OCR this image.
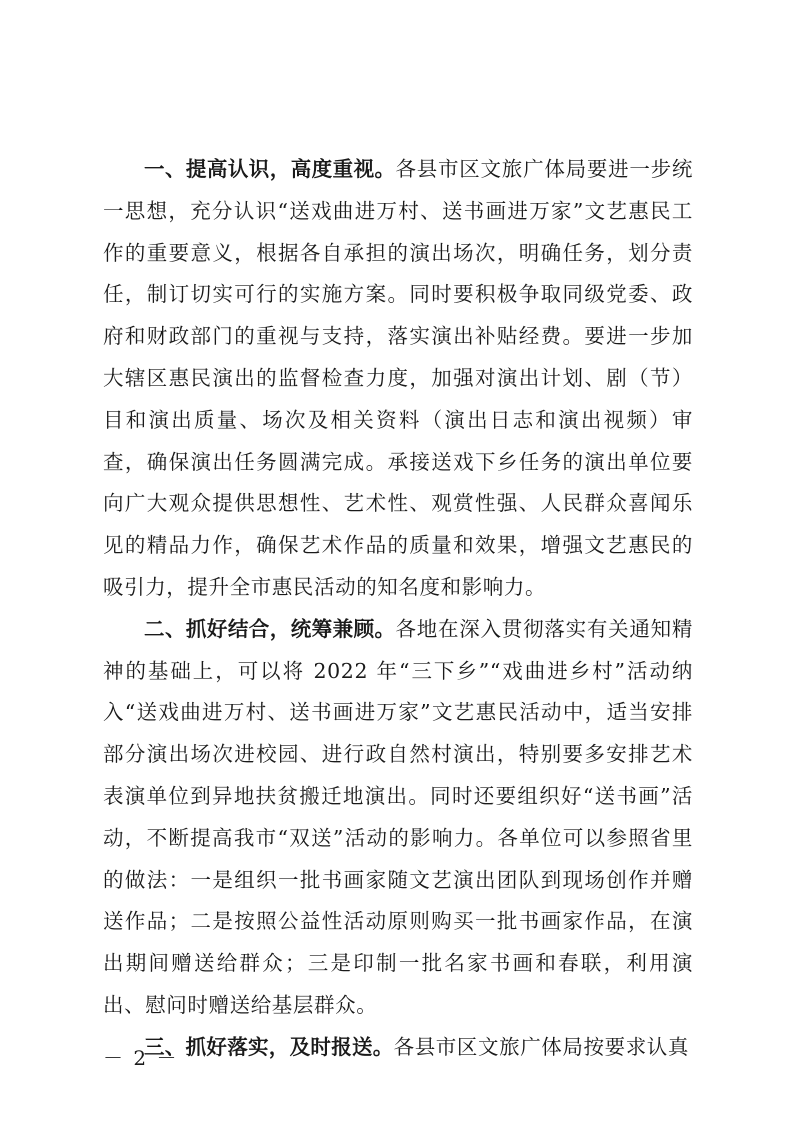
一、提高认识，高度重视。各县市区文旅广体局要进一步统一思想，充分认识“送戏曲进万村、送书画进万家”文艺惠民工作的重要意义，根据各自承担的演出场次，明确任务，划分责任，制订切实可行的实施方案。同时要积极争取同级党委、政府和财政部门的重视与支持，落实演出补贴经费。要进一步加大辖区惠民演出的监督检查力度，加强对演出计划、剧（节）目和演出质量、场次及相关资料（演出日志和演出视频）审查，确保演出任务圆满完成。承接送戏下乡任务的演出单位要向广大观众提供思想性、艺术性、观赏性强、人民群众喜闻乐见的精品力作，确保艺术作品的质量和效果，增强文艺惠民的吸引力，提升全市惠民活动的知名度和影响力。

二、抓好结合，统筹兼顾。各地在深入贯彻落实有关通知精神的基础上，可以将 2022 年“三下乡”“戏曲进乡村”活动纳入“送戏曲进万村、送书画进万家”文艺惠民活动中，适当安排部分演出场次进校园、进行政自然村演出，特别要多安排艺术表演单位到异地扶贫搬迁地演出。同时还要组织好“送书画”活动，不断提高我市“双送”活动的影响力。各单位可以参照省里的做法：一是组织一批书画家随文艺演出团队到现场创作并赠送作品；二是按照公益性活动原则购买一批书画家作品，在演出期间赠送给群众；三是印制一批名家书画和春联，利用演出、慰问时赠送给基层群众。

三、抓好落实，及时报送。各县市区文旅广体局按要求认真

－ 2 －
